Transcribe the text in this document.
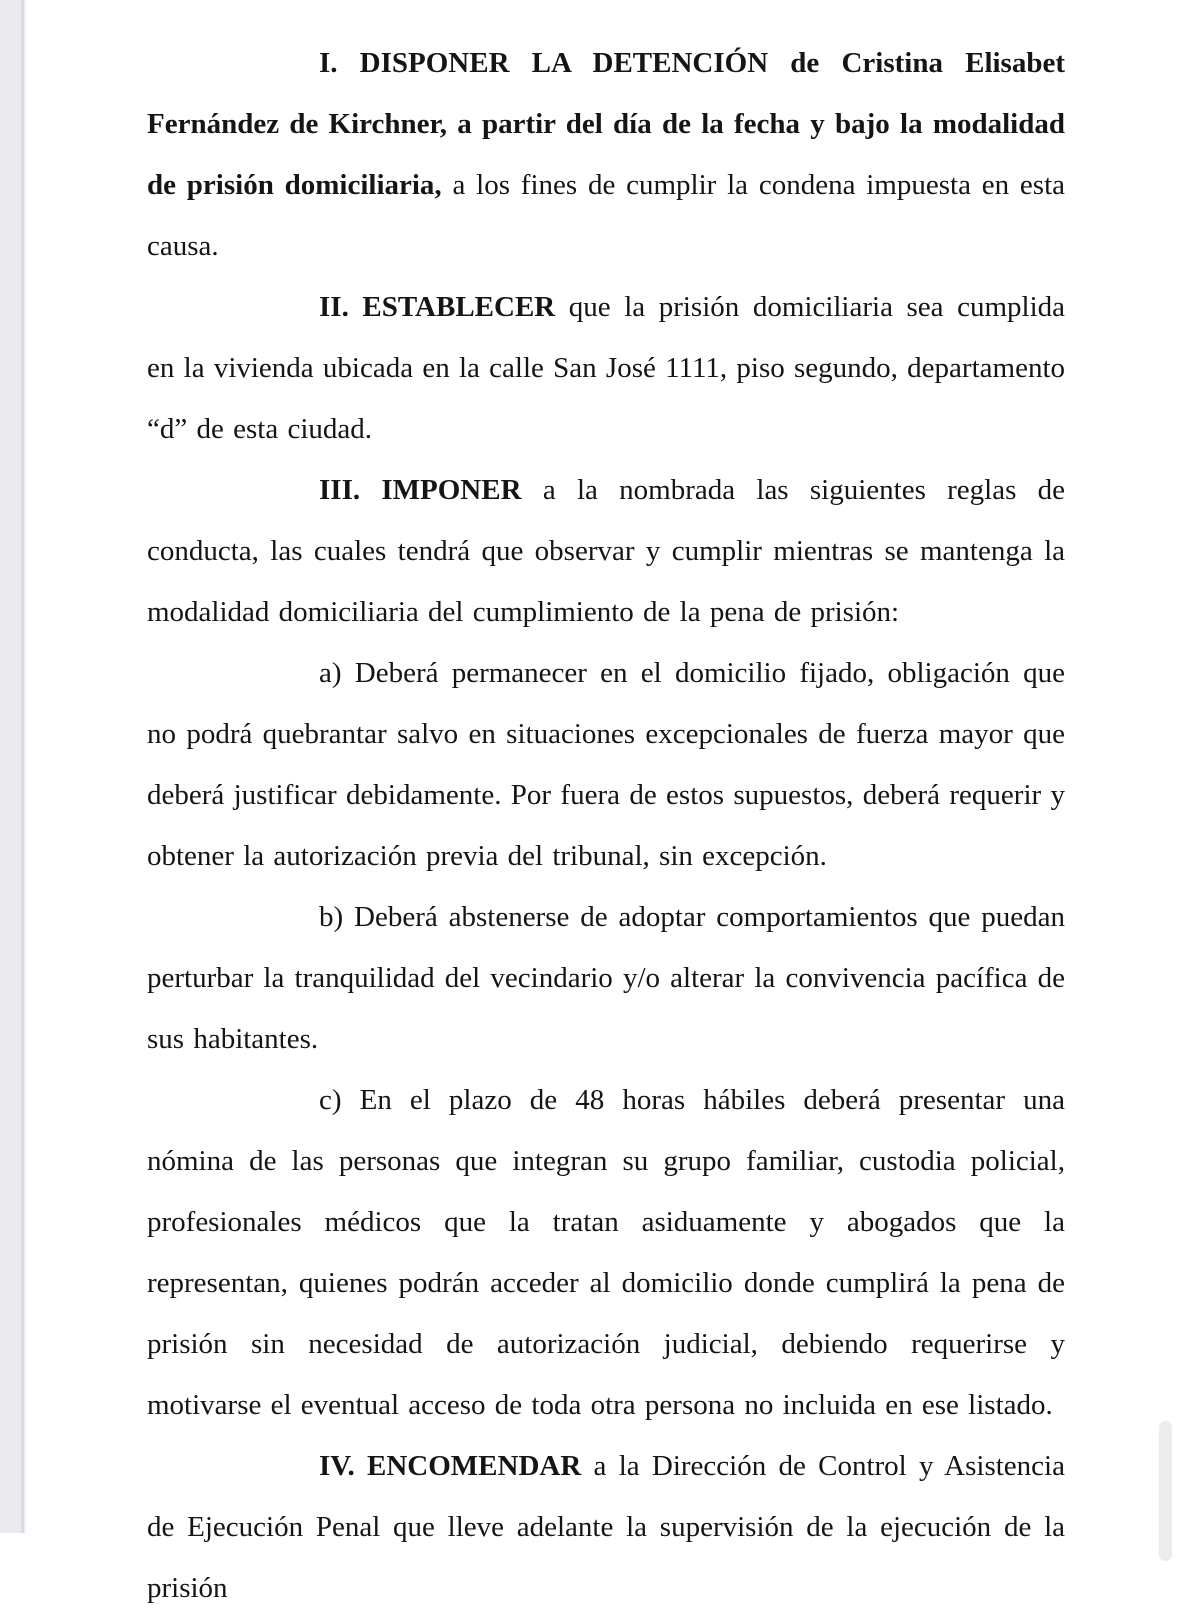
I. DISPONER LA DETENCIÓN de Cristina Elisabet Fernández de Kirchner, a partir del día de la fecha y bajo la modalidad de prisión domiciliaria, a los fines de cumplir la condena impuesta en esta causa.

II. ESTABLECER que la prisión domiciliaria sea cumplida en la vivienda ubicada en la calle San José 1111, piso segundo, departamento “d” de esta ciudad.

III. IMPONER a la nombrada las siguientes reglas de conducta, las cuales tendrá que observar y cumplir mientras se mantenga la modalidad domiciliaria del cumplimiento de la pena de prisión:

a) Deberá permanecer en el domicilio fijado, obligación que no podrá quebrantar salvo en situaciones excepcionales de fuerza mayor que deberá justificar debidamente. Por fuera de estos supuestos, deberá requerir y obtener la autorización previa del tribunal, sin excepción.

b) Deberá abstenerse de adoptar comportamientos que puedan perturbar la tranquilidad del vecindario y/o alterar la convivencia pacífica de sus habitantes.

c) En el plazo de 48 horas hábiles deberá presentar una nómina de las personas que integran su grupo familiar, custodia policial, profesionales médicos que la tratan asiduamente y abogados que la representan, quienes podrán acceder al domicilio donde cumplirá la pena de prisión sin necesidad de autorización judicial, debiendo requerirse y motivarse el eventual acceso de toda otra persona no incluida en ese listado.

IV. ENCOMENDAR a la Dirección de Control y Asistencia de Ejecución Penal que lleve adelante la supervisión de la ejecución de la prisión
